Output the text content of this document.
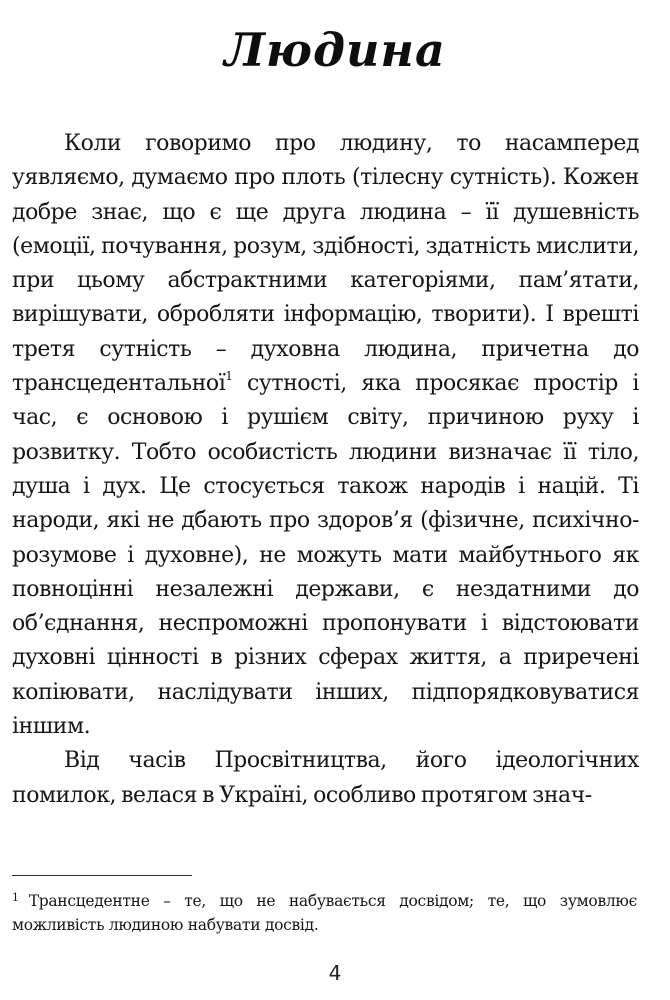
Людина

Коли говоримо про людину, то насамперед уявляємо, думаємо про плоть (тілесну сутність). Кожен добре знає, що є ще друга людина – її душевність (емоції, почування, розум, здібності, здатність мислити, при цьому абстрактними категоріями, пам’ятати, вирішувати, обробляти інформацію, творити). І врешті третя сутність – духовна людина, причетна до трансцедентальної$^1$ сутності, яка просякає простір і час, є основою і рушієм світу, причиною руху і розвитку. Тобто особистість людини визначає її тіло, душа і дух. Це стосується також народів і націй. Ті народи, які не дбають про здоров’я (фізичне, психічно-розумове і духовне), не можуть мати майбутнього як повноцінні незалежні держави, є нездатними до об’єднання, неспроможні пропонувати і відстоювати духовні цінності в різних сферах життя, а приречені копіювати, наслідувати інших, підпорядковуватися іншим.

Від часів Просвітництва, його ідеологічних помилок, велася в Україні, особливо протягом знач-

$^1$ Трансцедентне – те, що не набувається досвідом; те, що зумовлює можливість людиною набувати досвід.
4
